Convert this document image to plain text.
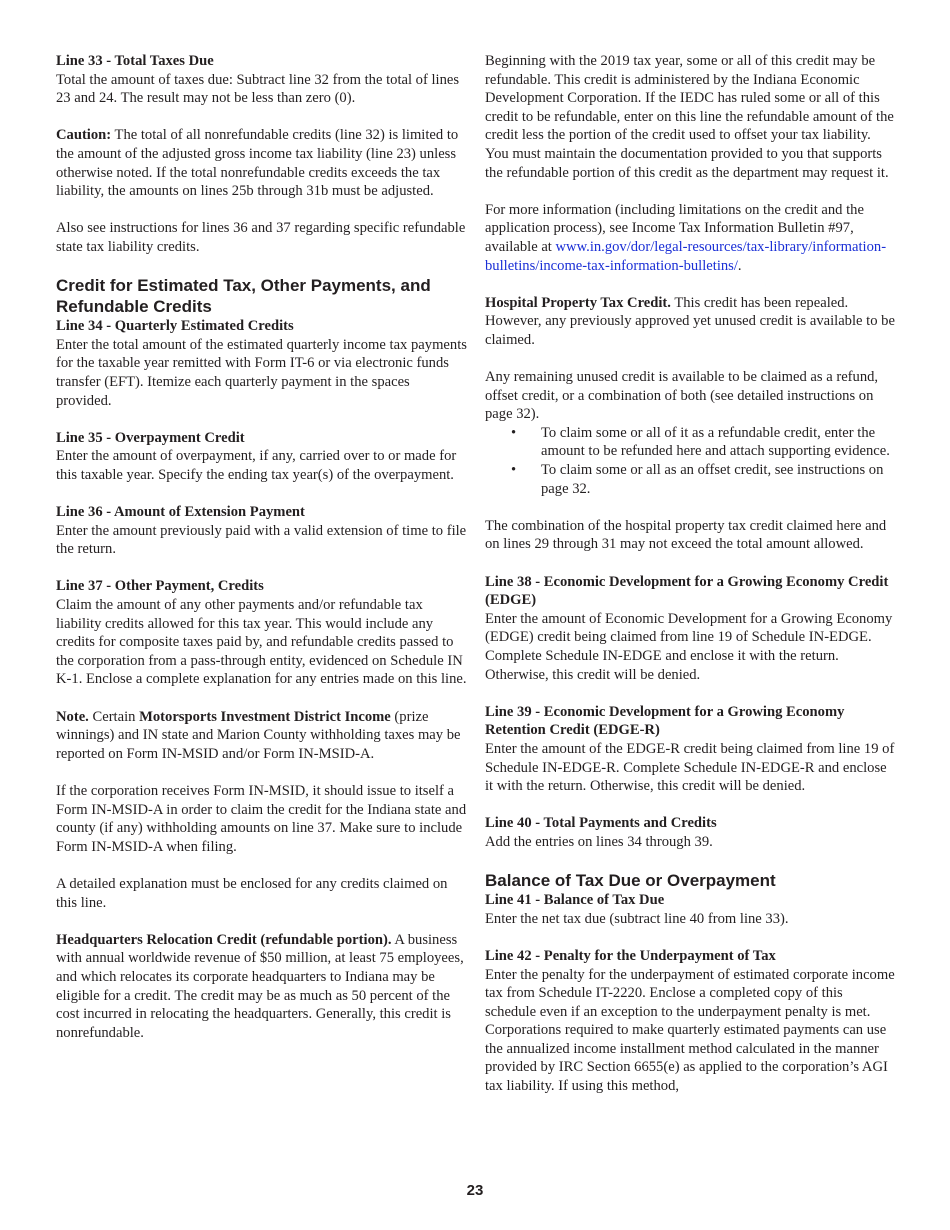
Line 33 - Total Taxes Due
Total the amount of taxes due: Subtract line 32 from the total of lines 23 and 24. The result may not be less than zero (0).

Caution: The total of all nonrefundable credits (line 32) is limited to the amount of the adjusted gross income tax liability (line 23) unless otherwise noted. If the total nonrefundable credits exceeds the tax liability, the amounts on lines 25b through 31b must be adjusted.

Also see instructions for lines 36 and 37 regarding specific refundable state tax liability credits.

Credit for Estimated Tax, Other Payments, and Refundable Credits

Line 34 - Quarterly Estimated Credits
Enter the total amount of the estimated quarterly income tax payments for the taxable year remitted with Form IT-6 or via electronic funds transfer (EFT). Itemize each quarterly payment in the spaces provided.

Line 35 - Overpayment Credit
Enter the amount of overpayment, if any, carried over to or made for this taxable year. Specify the ending tax year(s) of the overpayment.

Line 36 - Amount of Extension Payment
Enter the amount previously paid with a valid extension of time to file the return.

Line 37 - Other Payment, Credits
Claim the amount of any other payments and/or refundable tax liability credits allowed for this tax year. This would include any credits for composite taxes paid by, and refundable credits passed to the corporation from a pass-through entity, evidenced on Schedule IN K-1. Enclose a complete explanation for any entries made on this line.

Note. Certain Motorsports Investment District Income (prize winnings) and IN state and Marion County withholding taxes may be reported on Form IN-MSID and/or Form IN-MSID-A.

If the corporation receives Form IN-MSID, it should issue to itself a Form IN-MSID-A in order to claim the credit for the Indiana state and county (if any) withholding amounts on line 37. Make sure to include Form IN-MSID-A when filing.

A detailed explanation must be enclosed for any credits claimed on this line.

Headquarters Relocation Credit (refundable portion). A business with annual worldwide revenue of $50 million, at least 75 employees, and which relocates its corporate headquarters to Indiana may be eligible for a credit. The credit may be as much as 50 percent of the cost incurred in relocating the headquarters. Generally, this credit is nonrefundable.

Beginning with the 2019 tax year, some or all of this credit may be refundable. This credit is administered by the Indiana Economic Development Corporation. If the IEDC has ruled some or all of this credit to be refundable, enter on this line the refundable amount of the credit less the portion of the credit used to offset your tax liability. You must maintain the documentation provided to you that supports the refundable portion of this credit as the department may request it.

For more information (including limitations on the credit and the application process), see Income Tax Information Bulletin #97, available at www.in.gov/dor/legal-resources/tax-library/information-bulletins/income-tax-information-bulletins/.

Hospital Property Tax Credit. This credit has been repealed. However, any previously approved yet unused credit is available to be claimed.

Any remaining unused credit is available to be claimed as a refund, offset credit, or a combination of both (see detailed instructions on page 32).

• To claim some or all of it as a refundable credit, enter the amount to be refunded here and attach supporting evidence.
• To claim some or all as an offset credit, see instructions on page 32.

The combination of the hospital property tax credit claimed here and on lines 29 through 31 may not exceed the total amount allowed.

Line 38 - Economic Development for a Growing Economy Credit (EDGE)
Enter the amount of Economic Development for a Growing Economy (EDGE) credit being claimed from line 19 of Schedule IN-EDGE. Complete Schedule IN-EDGE and enclose it with the return. Otherwise, this credit will be denied.

Line 39 - Economic Development for a Growing Economy Retention Credit (EDGE-R)
Enter the amount of the EDGE-R credit being claimed from line 19 of Schedule IN-EDGE-R. Complete Schedule IN-EDGE-R and enclose it with the return. Otherwise, this credit will be denied.

Line 40 - Total Payments and Credits
Add the entries on lines 34 through 39.

Balance of Tax Due or Overpayment

Line 41 - Balance of Tax Due
Enter the net tax due (subtract line 40 from line 33).

Line 42 - Penalty for the Underpayment of Tax
Enter the penalty for the underpayment of estimated corporate income tax from Schedule IT-2220. Enclose a completed copy of this schedule even if an exception to the underpayment penalty is met. Corporations required to make quarterly estimated payments can use the annualized income installment method calculated in the manner provided by IRC Section 6655(e) as applied to the corporation’s AGI tax liability. If using this method,

23
